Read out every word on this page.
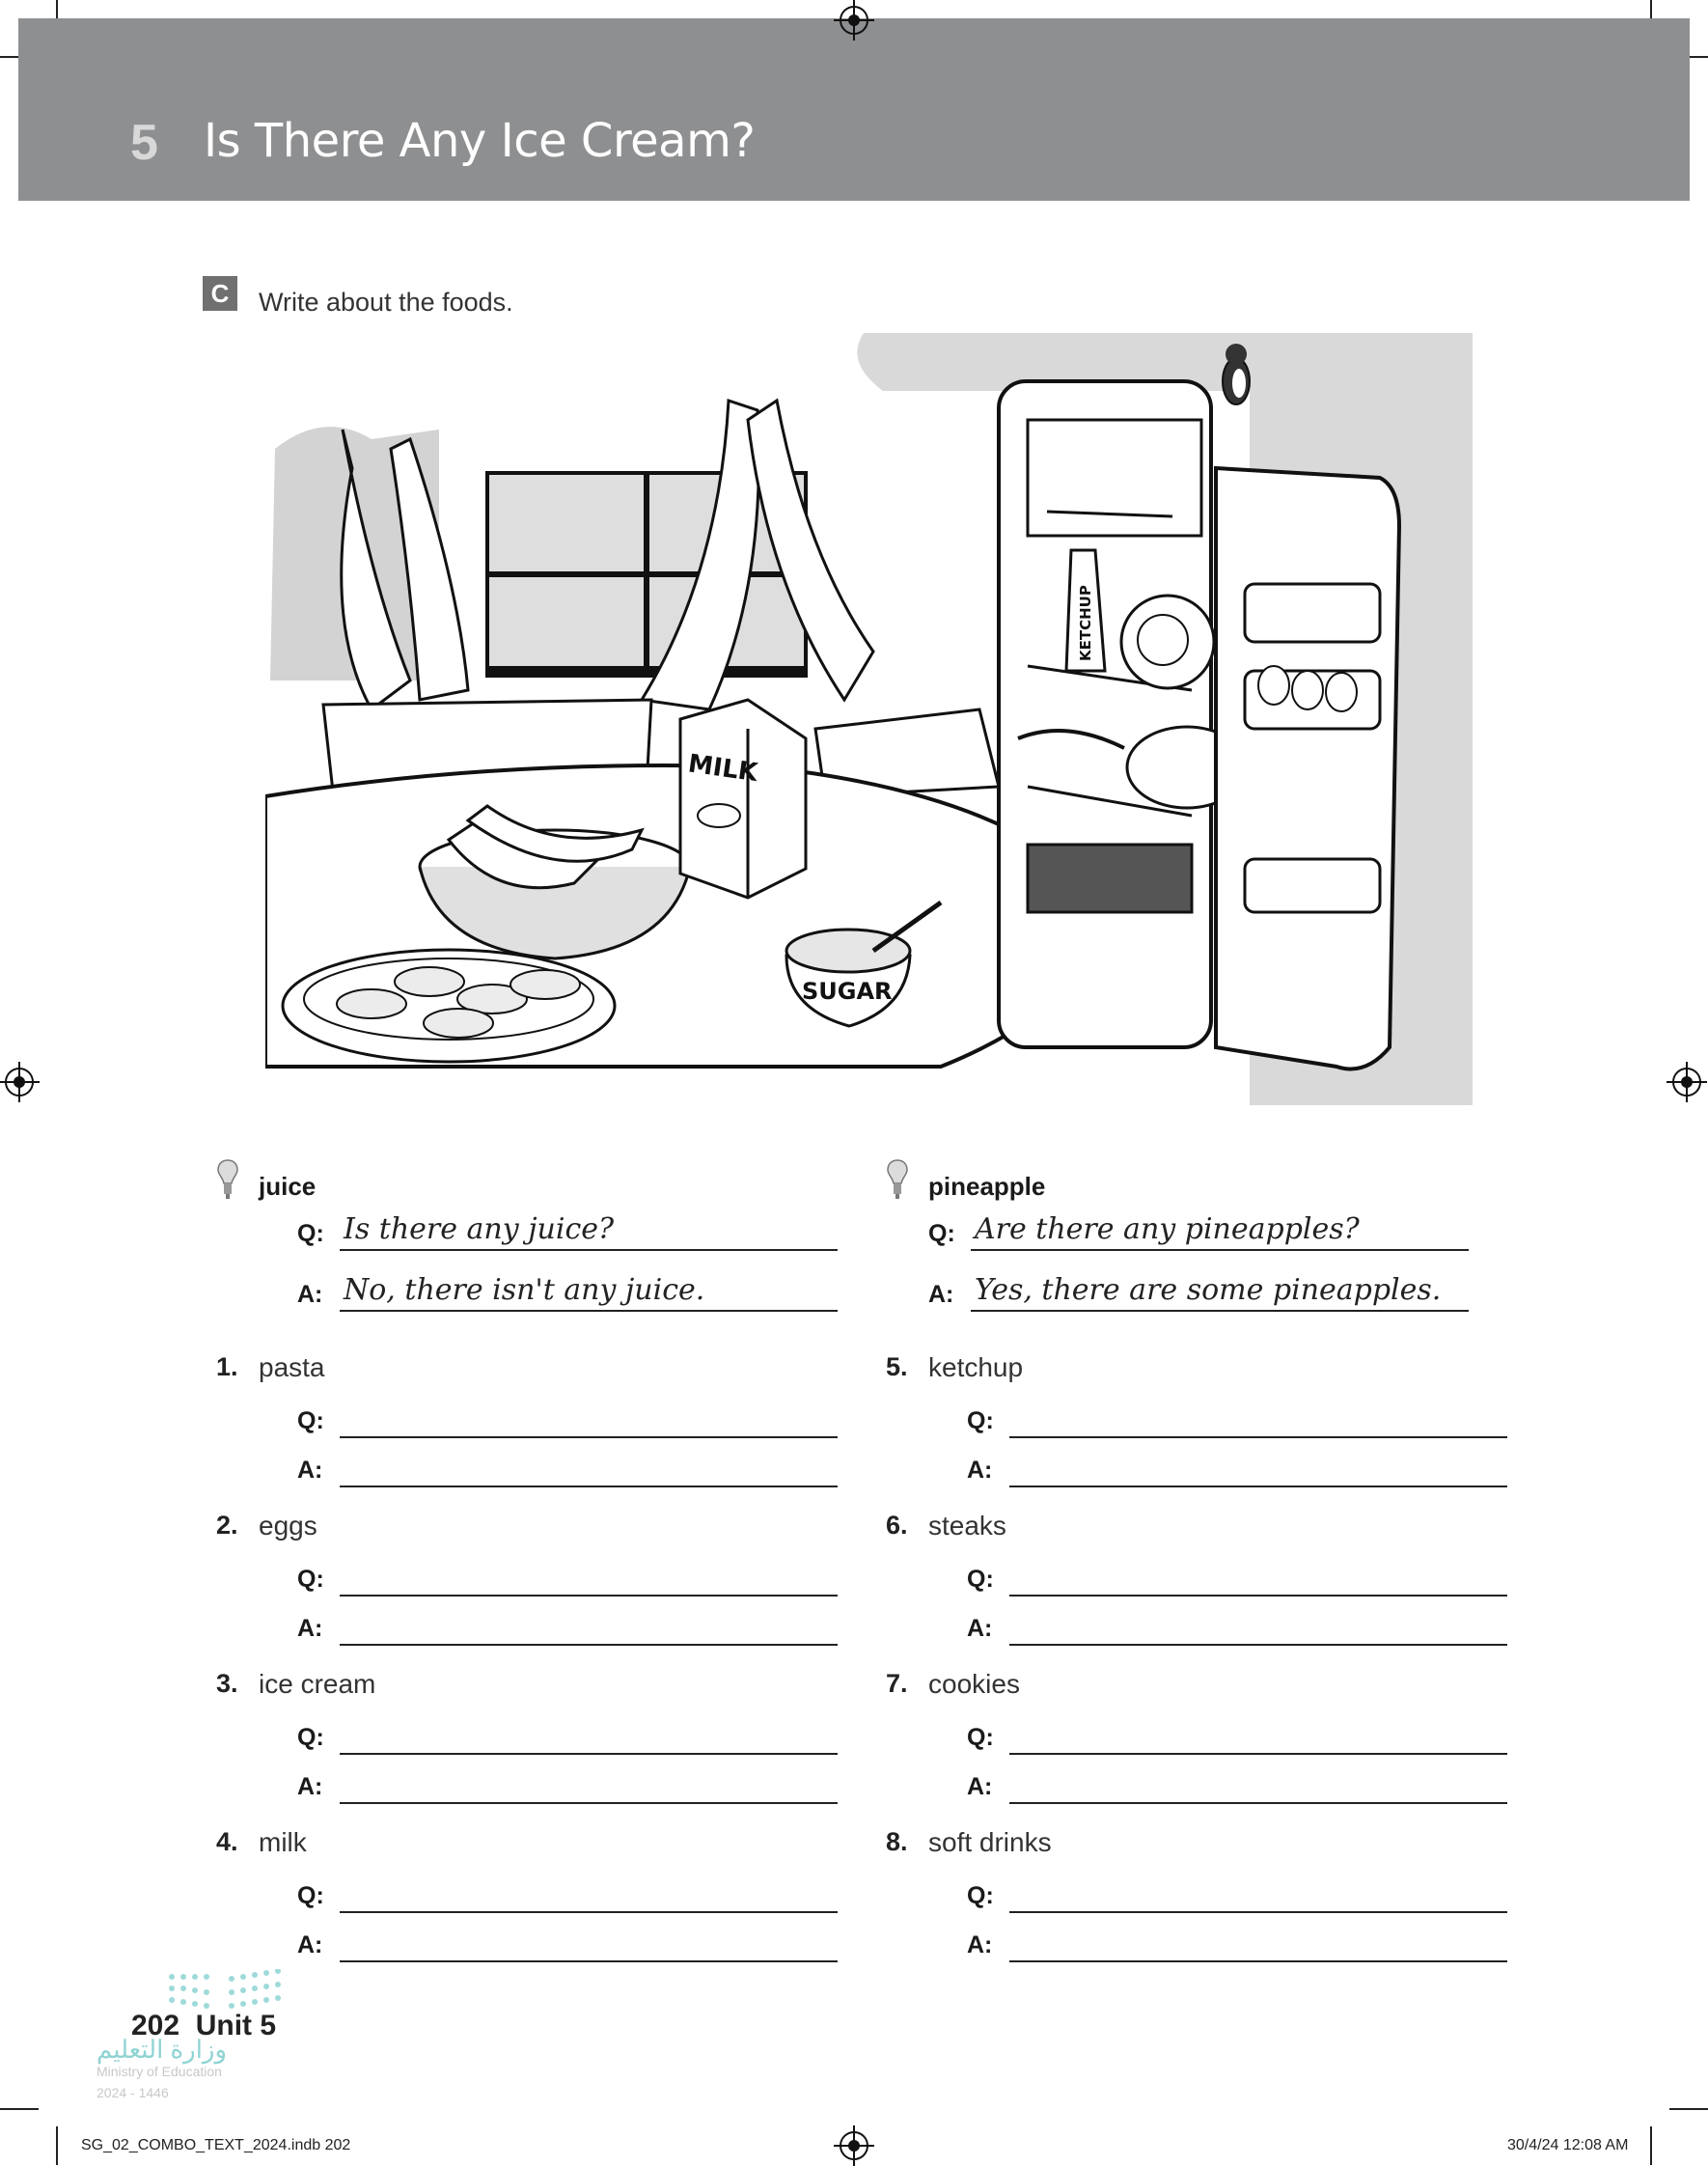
5 Is There Any Ice Cream?
C	Write about the foods.
MILK
SUGAR
KETCHUP
juice
Q: Is there any juice?
A: No, there isn't any juice.
1. pasta
Q:
A:
2. eggs
Q:
A:
3. ice cream
Q:
A:
4. milk
Q:
A:
pineapple
Q: Are there any pineapples?
A: Yes, there are some pineapples.
5. ketchup
Q:
A:
6. steaks
Q:
A:
7. cookies
Q:
A:
8. soft drinks
Q:
A:
202 Unit 5
وزارة التعليم
Ministry of Education
2024 - 1446
SG_02_COMBO_TEXT_2024.indb 202	30/4/24 12:08 AM
